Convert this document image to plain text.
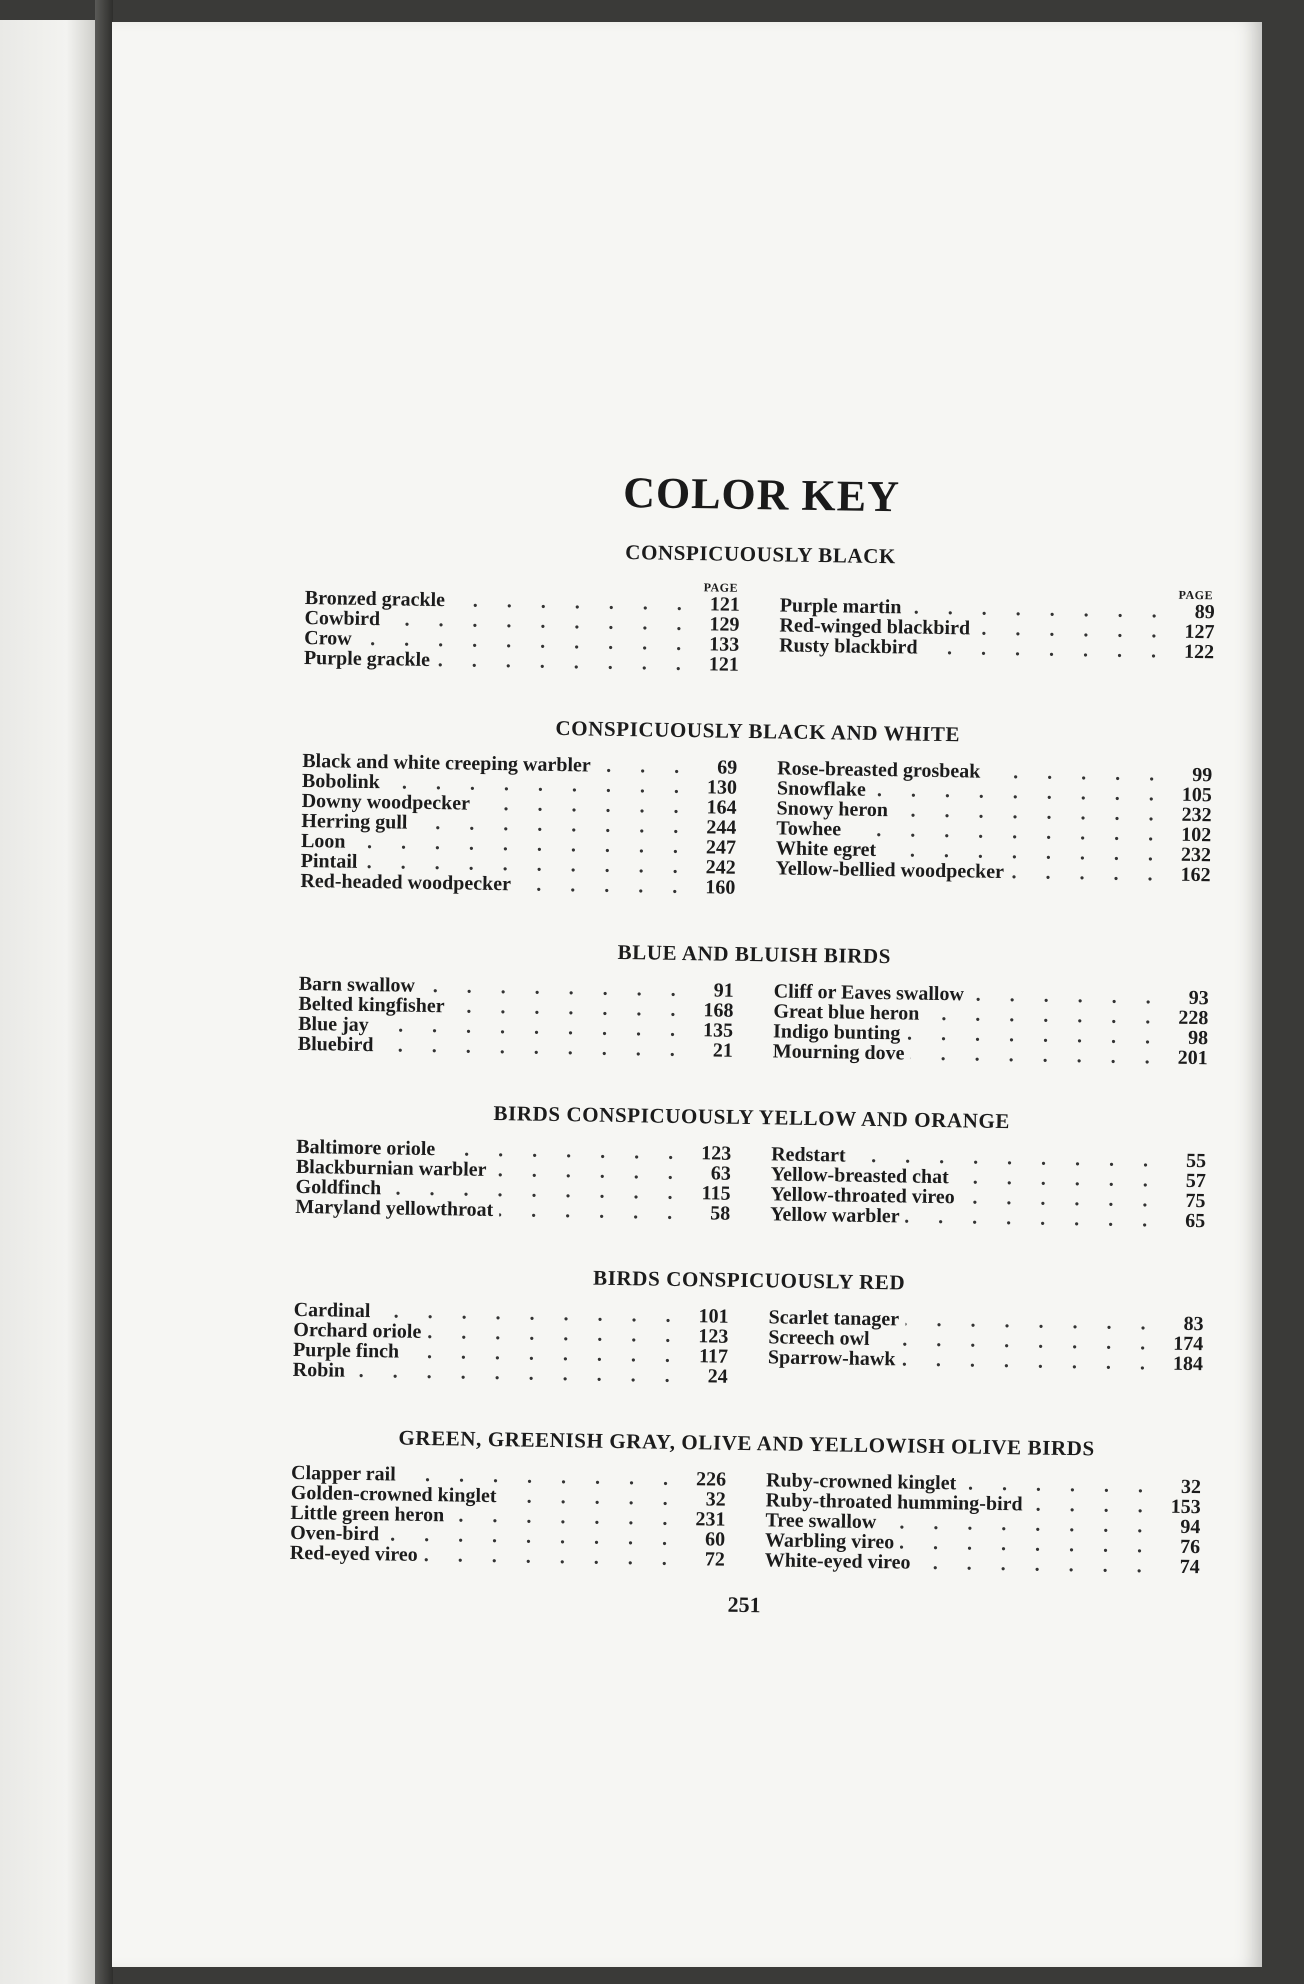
COLOR KEY
CONSPICUOUSLY BLACK
PAGE
Bronzed grackle . . .	121
Cowbird . . .	129
Crow . . .	133
Purple grackle . . .	121
PAGE
Purple martin . . .	89
Red-winged blackbird . . .	127
Rusty blackbird . . .	122
CONSPICUOUSLY BLACK AND WHITE
Black and white creeping warbler . . .	69
Bobolink . . .	130
Downy woodpecker . . .	164
Herring gull . . .	244
Loon . . .	247
Pintail . . .	242
Red-headed woodpecker . . .	160
Rose-breasted grosbeak . . .	99
Snowflake . . .	105
Snowy heron . . .	232
Towhee . . .	102
White egret . . .	232
Yellow-bellied woodpecker . . .	162
BLUE AND BLUISH BIRDS
Barn swallow . . .	91
Belted kingfisher . . .	168
Blue jay . . .	135
Bluebird . . .	21
Cliff or Eaves swallow . . .	93
Great blue heron . . .	228
Indigo bunting . . .	98
Mourning dove . . .	201
BIRDS CONSPICUOUSLY YELLOW AND ORANGE
Baltimore oriole . . .	123
Blackburnian warbler . . .	63
Goldfinch . . .	115
Maryland yellowthroat . . .	58
Redstart . . .	55
Yellow-breasted chat . . .	57
Yellow-throated vireo . . .	75
Yellow warbler . . .	65
BIRDS CONSPICUOUSLY RED
Cardinal . . .	101
Orchard oriole . . .	123
Purple finch . . .	117
Robin . . .	24
Scarlet tanager . . .	83
Screech owl . . .	174
Sparrow-hawk . . .	184
GREEN, GREENISH GRAY, OLIVE AND YELLOWISH OLIVE BIRDS
Clapper rail . . .	226
Golden-crowned kinglet . . .	32
Little green heron . . .	231
Oven-bird . . .	60
Red-eyed vireo . . .	72
Ruby-crowned kinglet . . .	32
Ruby-throated humming-bird . . .	153
Tree swallow . . .	94
Warbling vireo . . .	76
White-eyed vireo . . .	74
251
